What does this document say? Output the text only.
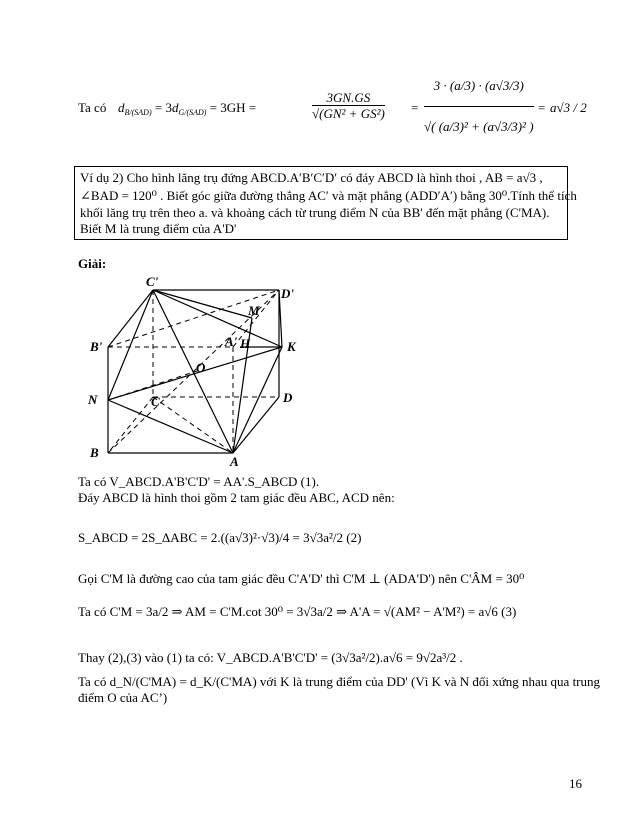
Ta có $d_{B/(SAD)} = 3d_{G/(SAD)} = 3GH$ =	$\frac{3GN.GS}{\text{√(GN² + GS²)}} = \frac{3 \cdot (a/3) \cdot (a√3/3)}{\text{√( (a/3)² + (a√3/3)² )}} = a√3 / 2$
Ví dụ 2) Cho hình lăng trụ đứng ABCD.A′B′C′D′ có đáy ABCD là hình thoi , AB = a√3 ,
∠BAD = 120⁰ . Biết góc giữa đường thẳng AC′ và mặt phẳng (ADD′A′) bằng 30⁰.Tính thể tích
khối lăng trụ trên theo a. và khoảng cách từ trung điểm N của BB' đến mặt phẳng (C'MA).
Biết M là trung điểm của A'D'
Giải:
C'
D'
M
B'	A' H	K
O
N	C	D
B
A
Ta có V_ABCD.A'B'C'D' = AA'.S_ABCD (1).
Đáy ABCD là hình thoi gồm 2 tam giác đều ABC, ACD nên:
S_ABCD = 2S_ΔABC = 2.((a√3)²·√3)/4 = 3√3a²/2 (2)
Gọi C'M là đường cao của tam giác đều C'A'D' thì C'M ⊥ (ADA'D') nên C'ÂM = 30⁰
Ta có C'M = 3a/2 ⇒ AM = C'M.cot 30⁰ = 3√3a/2 ⇒ A'A = √(AM² − A'M²) = a√6 (3)
Thay (2),(3) vào (1) ta có: V_ABCD.A'B'C'D' = (3√3a²/2).a√6 = 9√2a³/2 .
Ta có d_N/(C'MA) = d_K/(C'MA) với K là trung điểm của DD' (Vì K và N đối xứng nhau qua trung
điểm O của AC’)
16
